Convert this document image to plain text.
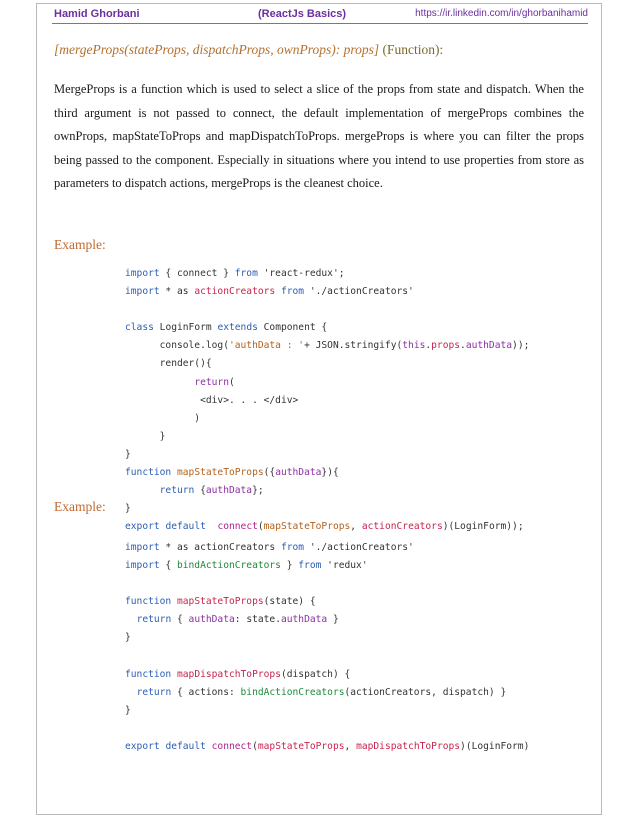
Hamid Ghorbani	(ReactJs Basics)	https://ir.linkedin.com/in/ghorbanihamid
[mergeProps(stateProps, dispatchProps, ownProps): props] (Function):
MergeProps is a function which is used to select a slice of the props from state and dispatch. When the third argument is not passed to connect, the default implementation of mergeProps combines the ownProps, mapStateToProps and mapDispatchToProps. mergeProps is where you can filter the props being passed to the component. Especially in situations where you intend to use properties from store as parameters to dispatch actions, mergeProps is the cleanest choice.
Example:
import { connect } from 'react-redux';
import * as actionCreators from './actionCreators'
class LoginForm extends Component {
console.log('authData : '+ JSON.stringify(this.props.authData));
render(){
return(
<div>. . . </div>
)
}
}
function mapStateToProps({authData}){
return {authData};
}
export default connect(mapStateToProps, actionCreators)(LoginForm));
Example:
import * as actionCreators from './actionCreators'
import { bindActionCreators } from 'redux'
function mapStateToProps(state) {
return { authData: state.authData }
}
function mapDispatchToProps(dispatch) {
return { actions: bindActionCreators(actionCreators, dispatch) }
}
export default connect(mapStateToProps, mapDispatchToProps)(LoginForm)
